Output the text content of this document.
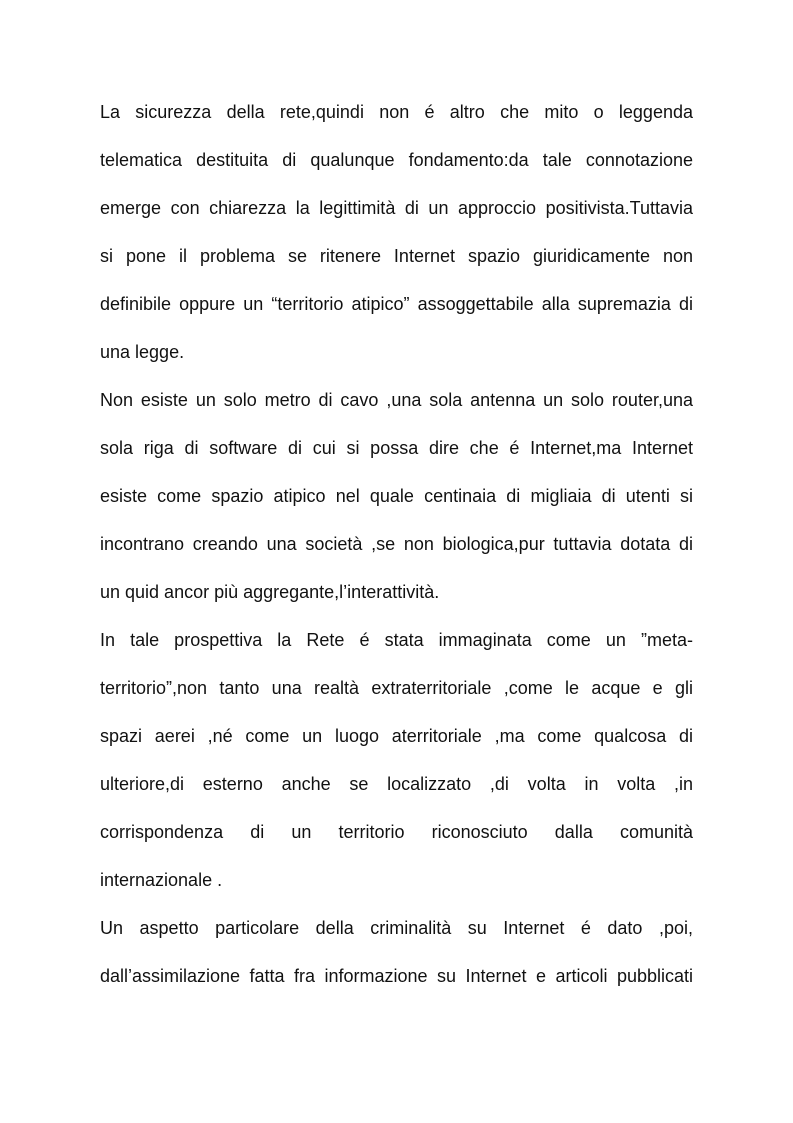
La sicurezza della rete,quindi non é altro che mito o leggenda
telematica destituita di qualunque fondamento:da tale connotazione
emerge con chiarezza la legittimità di un approccio positivista.Tuttavia
si pone il problema se ritenere Internet spazio giuridicamente non
definibile oppure un “territorio atipico” assoggettabile alla supremazia di
una legge.
Non esiste un solo metro di cavo ,una sola antenna un solo router,una
sola riga di software di cui si possa dire che é Internet,ma Internet
esiste come spazio atipico nel quale centinaia di migliaia di utenti si
incontrano creando una società ,se non biologica,pur tuttavia dotata di
un quid ancor più aggregante,l’interattività.
In tale prospettiva la Rete é stata immaginata come un ”meta-
territorio”,non tanto una realtà extraterritoriale ,come le acque e gli
spazi aerei ,né come un luogo aterritoriale ,ma come qualcosa di
ulteriore,di esterno anche se localizzato ,di volta in volta ,in
corrispondenza di un territorio riconosciuto dalla comunità
internazionale .
Un aspetto particolare della criminalità su Internet é dato ,poi,
dall’assimilazione fatta fra informazione su Internet e articoli pubblicati
